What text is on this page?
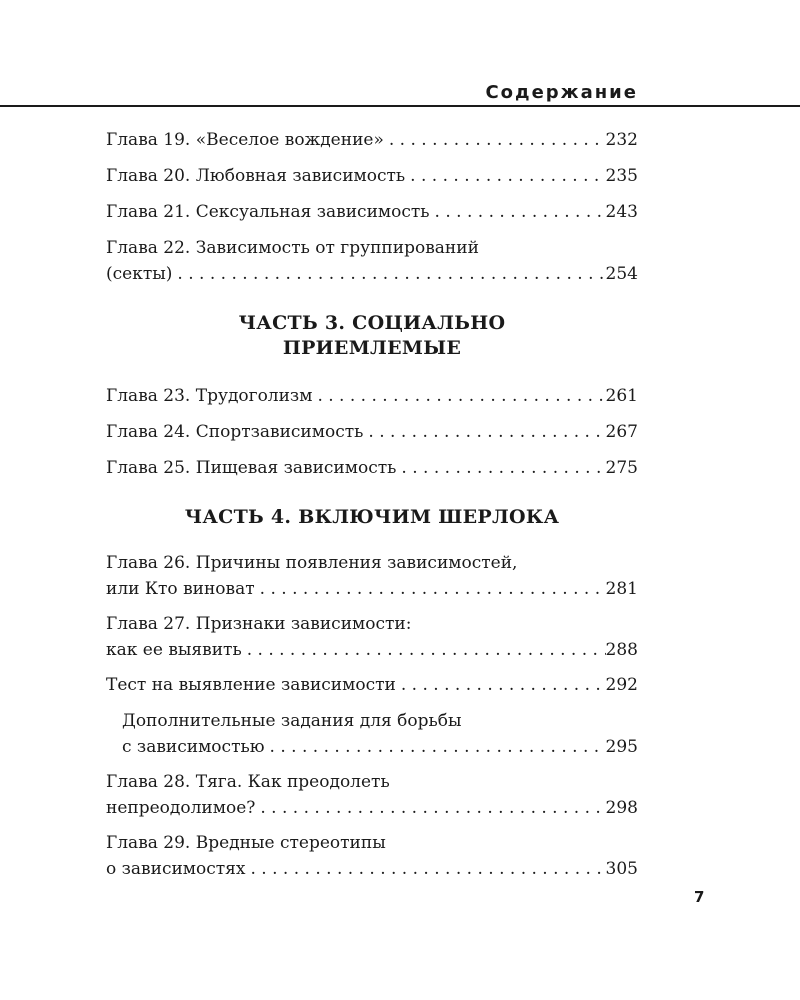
Содержание
Глава 19. «Веселое вождение» . . .	232
Глава 20. Любовная зависимость . . .	235
Глава 21. Сексуальная зависимость . . .	243
Глава 22. Зависимость от группирований
(секты) . . .	254
ЧАСТЬ 3. СОЦИАЛЬНО
ПРИЕМЛЕМЫЕ
Глава 23. Трудоголизм . . .	261
Глава 24. Спортзависимость . . .	267
Глава 25. Пищевая зависимость . . .	275
ЧАСТЬ 4. ВКЛЮЧИМ ШЕРЛОКА
Глава 26. Причины появления зависимостей,
или Кто виноват . . .	281
Глава 27. Признаки зависимости:
как ее выявить . . .	288
Тест на выявление зависимости . . .	292
Дополнительные задания для борьбы
с зависимостью . . .	295
Глава 28. Тяга. Как преодолеть
непреодолимое? . . .	298
Глава 29. Вредные стереотипы
о зависимостях . . .	305
7
